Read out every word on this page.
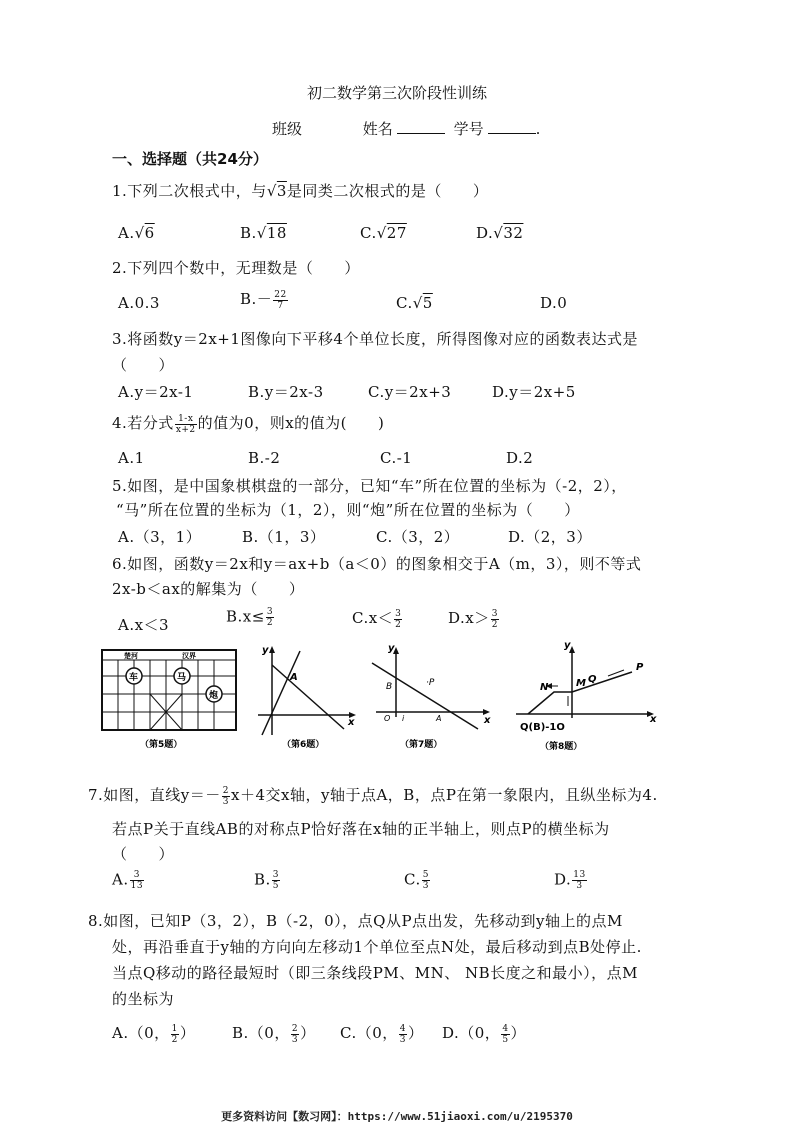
初二数学第三次阶段性训练
班级	姓名	学号	.
一、选择题（共24分）
1.下列二次根式中，与√3是同类二次根式的是（　　）
A.√6	B.√18	C.√27	D.√32
2.下列四个数中，无理数是（　　）
A.0.3	$B.- \frac{22}{7}$	C.√5	D.0
3.将函数y＝2x+1图像向下平移4个单位长度，所得图像对应的函数表达式是
（　　）
A.y＝2x-1	B.y＝2x-3	C.y＝2x+3	D.y＝2x+5
4.若分式 $\frac{1-x}{x+2}$ 的值为0，则x的值为(　　)
A.1	B.-2	C.-1	D.2
5.如图，是中国象棋棋盘的一部分，已知“车”所在位置的坐标为（-2，2），
“马”所在位置的坐标为（1，2），则“炮”所在位置的坐标为（　　）
A.（3，1）	B.（1，3）	C.（3，2）	D.（2，3）
6.如图，函数y＝2x和y＝ax+b（a＜0）的图象相交于A（m，3），则不等式
2x-b＜ax的解集为（　　）
A.x＜3	$B.x\le \frac{3}{2}$	$C.x< \frac{3}{2}$	$D.x> \frac{3}{2}$
楚河	汉界
车	马
炮
（第5题）
y
x
A
（第6题）
y
x
B	·P
O i	A
（第7题）
y
x
N	M Q
P
Q(B)-1O
（第8题）
7.如图，直线$y=- \frac{2}{3} x+4$交x轴，y轴于点A，B，点P在第一象限内，且纵坐标为4.
若点P关于直线AB的对称点P恰好落在x轴的正半轴上，则点P的横坐标为
（　　）
A. $\frac{3}{13}$	B. $\frac{3}{5}$	C. $\frac{5}{3}$	D. $\frac{13}{3}$
8.如图，已知P（3，2），B（-2，0），点Q从P点出发，先移动到y轴上的点M
处，再沿垂直于y轴的方向向左移动1个单位至点N处，最后移动到点B处停止.
当点Q移动的路径最短时（即三条线段PM、MN、 NB长度之和最小），点M
的坐标为
A.（0， $\frac{1}{2}$ ） B.（0， $\frac{2}{3}$ ） C.（0， $\frac{4}{3}$ ） D.（0， $\frac{4}{5}$ ）
更多资料访问【数习网】：https://www.51jiaoxi.com/u/2195370
